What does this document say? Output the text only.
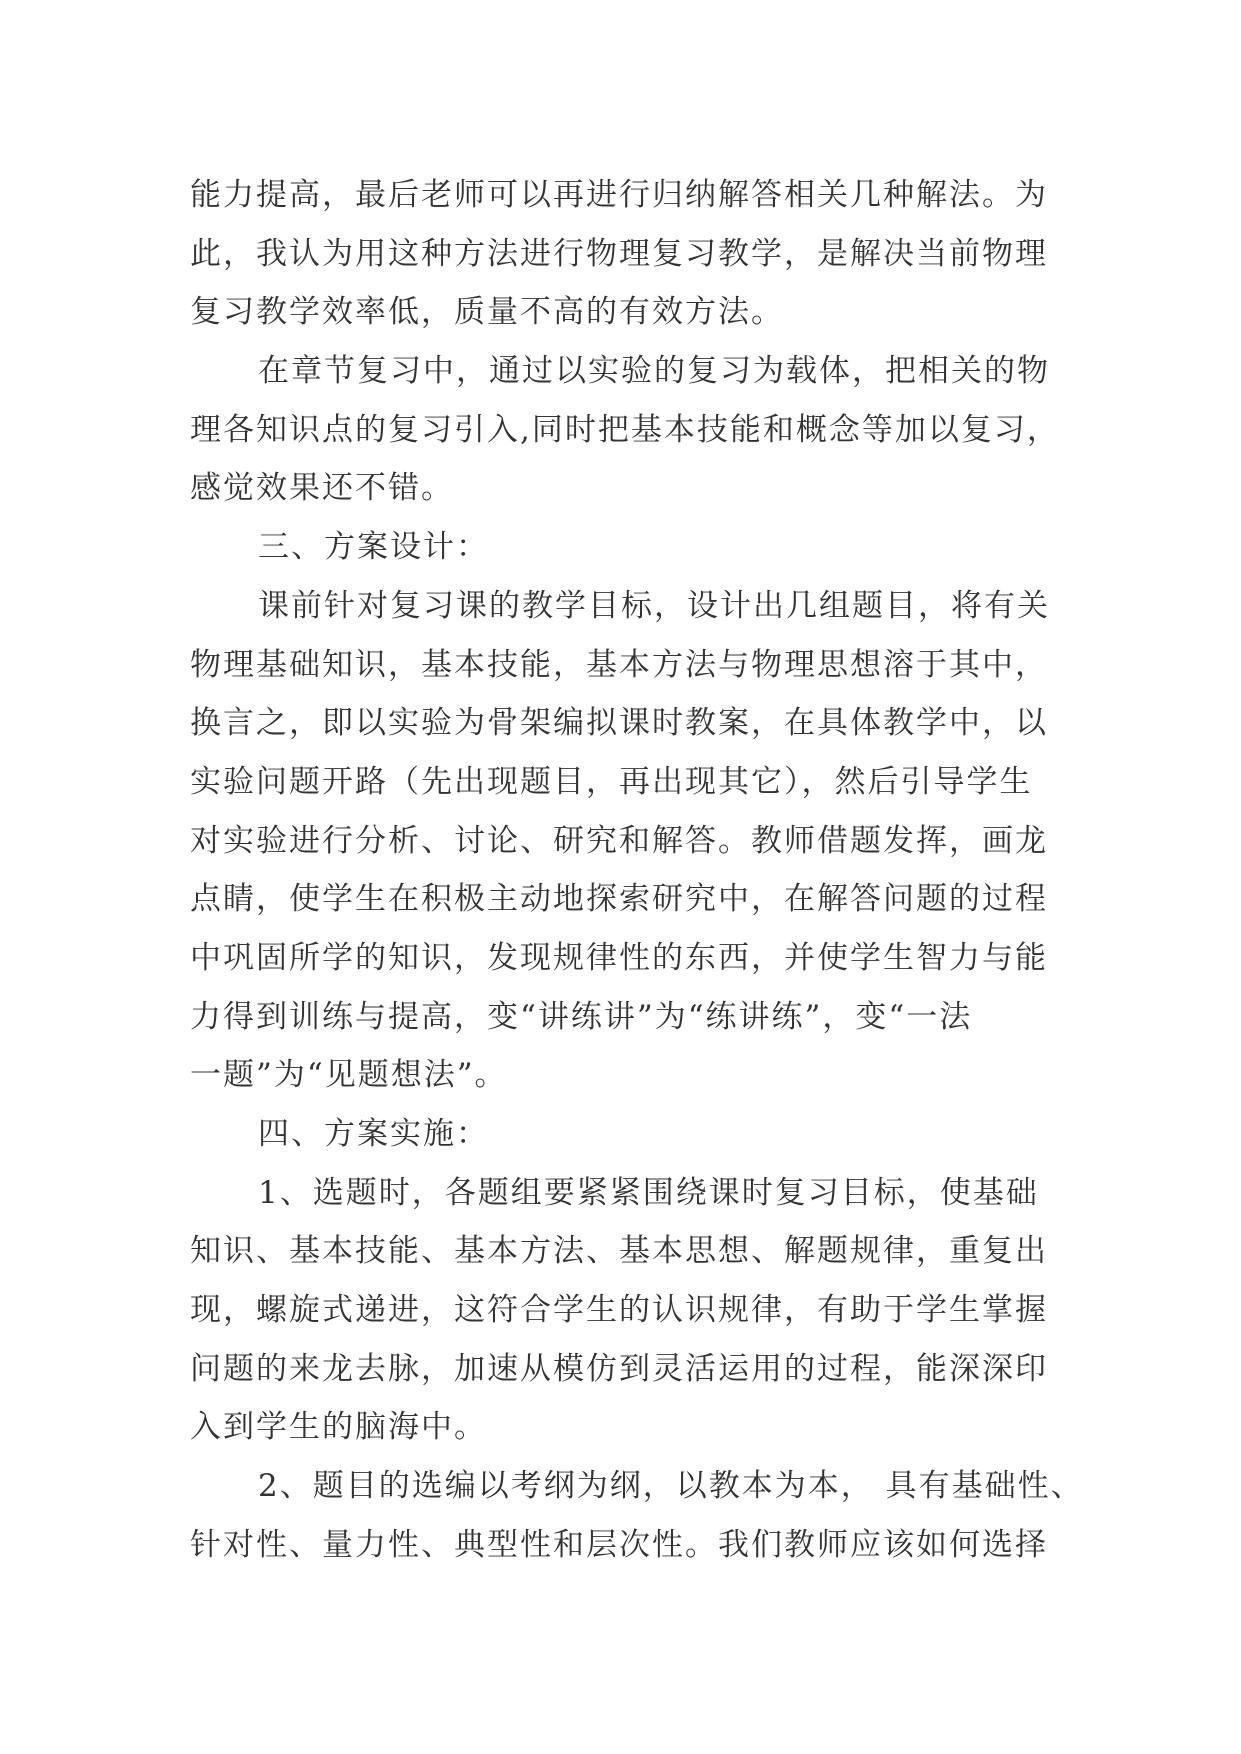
能力提高，最后老师可以再进行归纳解答相关几种解法。为
此，我认为用这种方法进行物理复习教学，是解决当前物理
复习教学效率低，质量不高的有效方法。
在章节复习中，通过以实验的复习为载体，把相关的物
理各知识点的复习引入,同时把基本技能和概念等加以复习，
感觉效果还不错。
三、方案设计：
课前针对复习课的教学目标，设计出几组题目，将有关
物理基础知识，基本技能，基本方法与物理思想溶于其中，
换言之，即以实验为骨架编拟课时教案，在具体教学中，以
实验问题开路（先出现题目，再出现其它），然后引导学生
对实验进行分析、讨论、研究和解答。教师借题发挥，画龙
点睛，使学生在积极主动地探索研究中，在解答问题的过程
中巩固所学的知识，发现规律性的东西，并使学生智力与能
力得到训练与提高，变“讲练讲”为“练讲练”，变“一法
一题”为“见题想法”。
四、方案实施：
1、选题时，各题组要紧紧围绕课时复习目标，使基础
知识、基本技能、基本方法、基本思想、解题规律，重复出
现，螺旋式递进，这符合学生的认识规律，有助于学生掌握
问题的来龙去脉，加速从模仿到灵活运用的过程，能深深印
入到学生的脑海中。
2、题目的选编以考纲为纲，以教本为本， 具有基础性、
针对性、量力性、典型性和层次性。我们教师应该如何选择
